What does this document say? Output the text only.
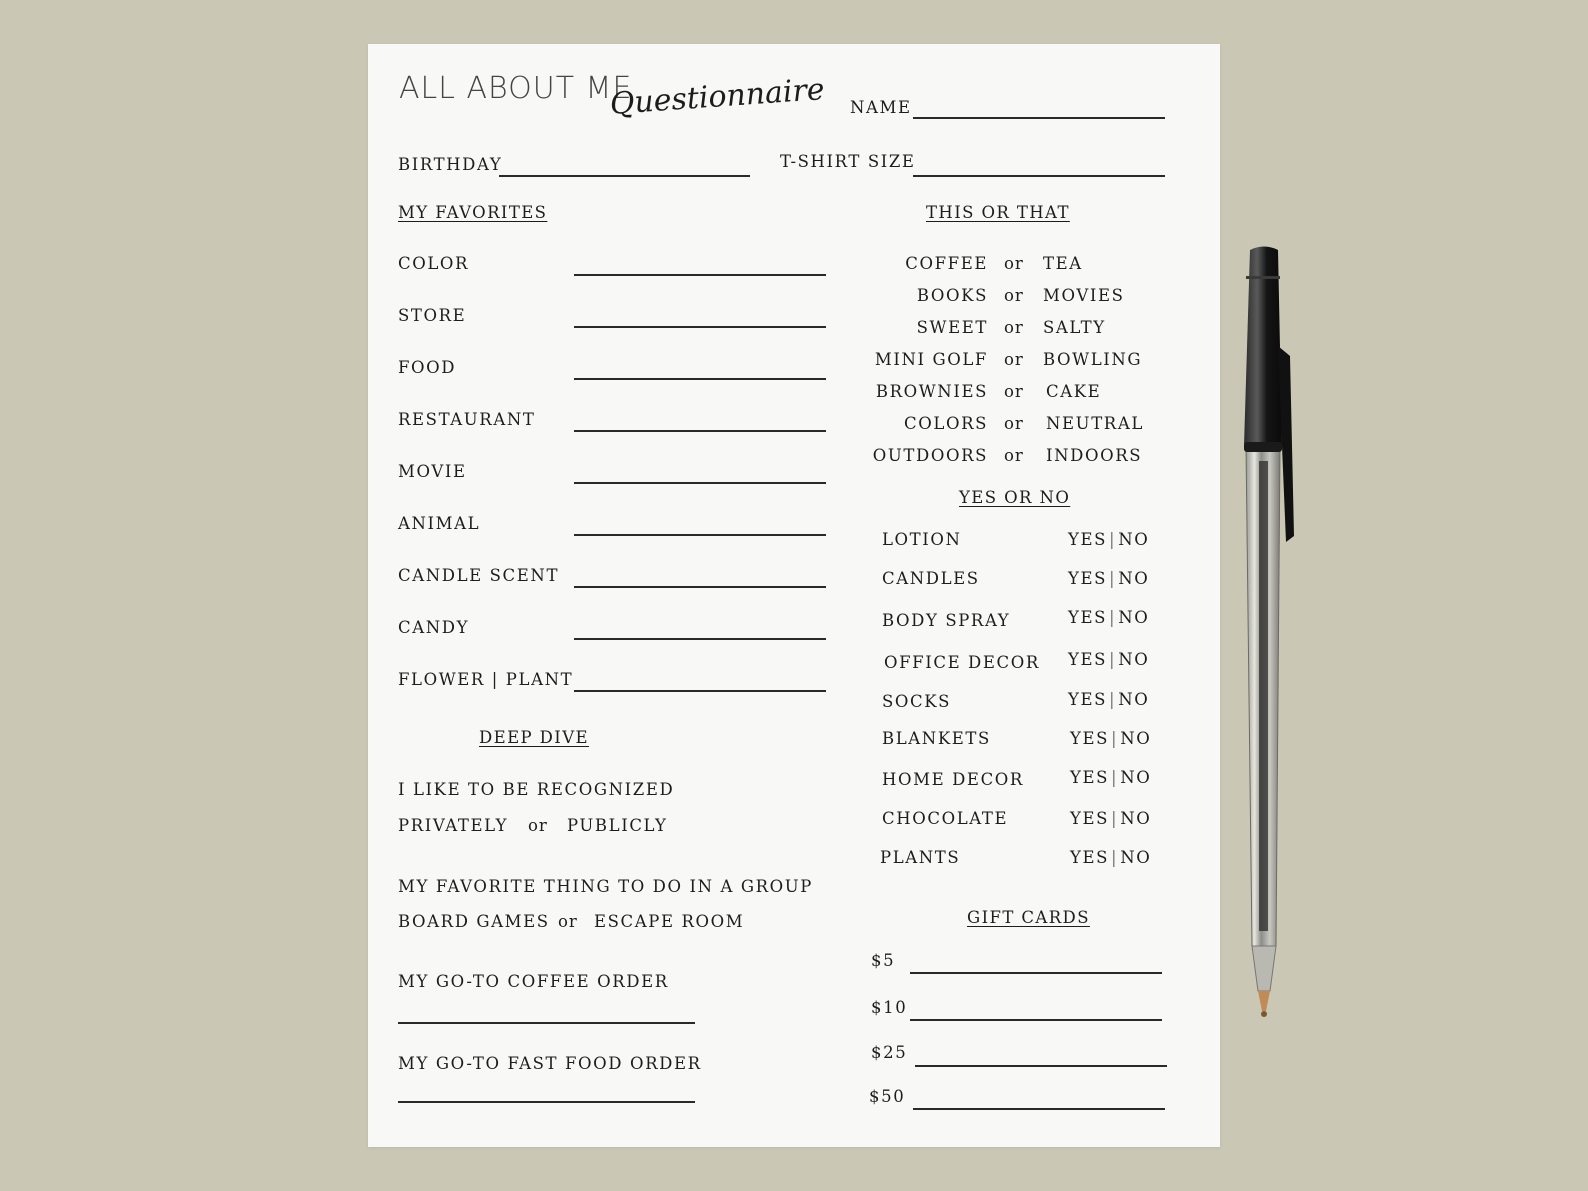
ALL ABOUT ME
Questionnaire NAME
BIRTHDAY	T-SHIRT SIZE
MY FAVORITES
COLOR
STORE
FOOD
RESTAURANT
MOVIE
ANIMAL
CANDLE SCENT
CANDY
FLOWER | PLANT
DEEP DIVE
I LIKE TO BE RECOGNIZED
PRIVATELY or PUBLICLY
MY FAVORITE THING TO DO IN A GROUP
BOARD GAMES or ESCAPE ROOM
MY GO-TO COFFEE ORDER
MY GO-TO FAST FOOD ORDER
THIS OR THAT
COFFEE or TEA
BOOKS or MOVIES
SWEET or SALTY
MINI GOLF or BOWLING
BROWNIES or CAKE
COLORS or NEUTRAL
OUTDOORS or INDOORS
YES OR NO
LOTION	YES | NO
CANDLES	YES | NO
BODY SPRAY	YES | NO
OFFICE DECOR YES | NO
SOCKS	YES | NO
BLANKETS	YES | NO
HOME DECOR	YES | NO
CHOCOLATE	YES | NO
PLANTS	YES | NO
GIFT CARDS
$5
$10
$25
$50
